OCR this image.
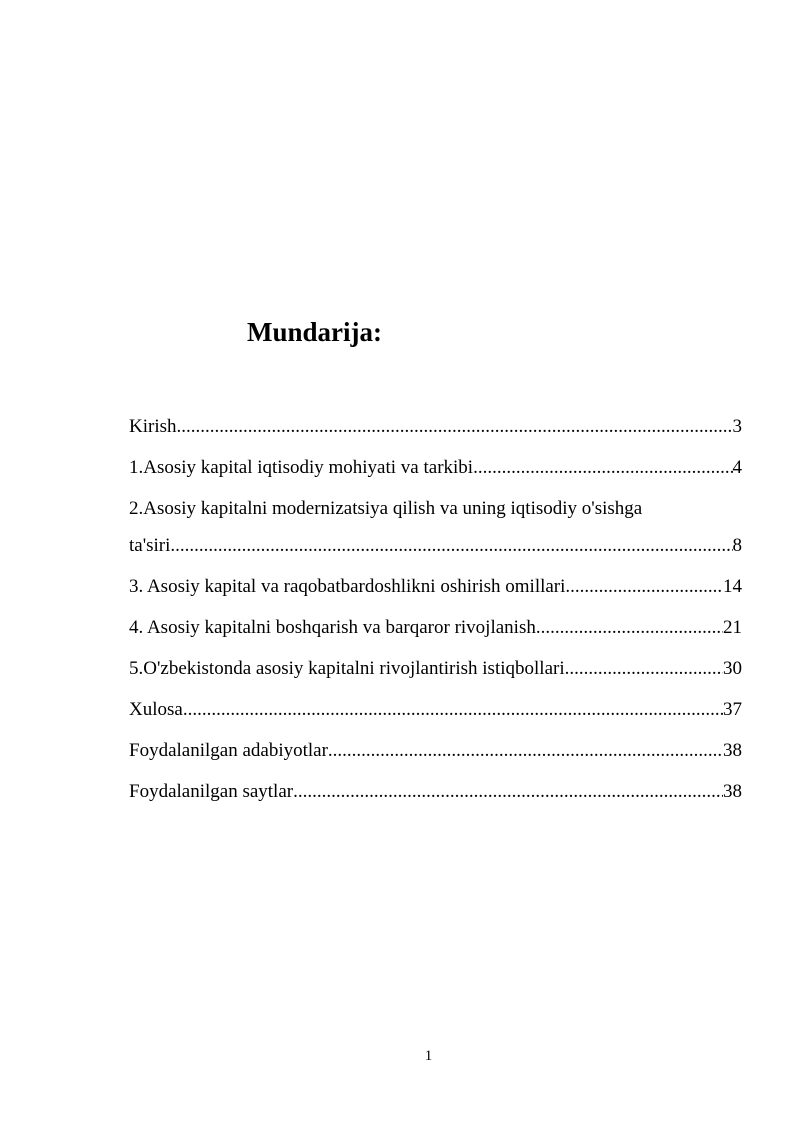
Mundarija:
Kirish .....	3
1.Asosiy kapital iqtisodiy mohiyati va tarkibi .....	4
2.Asosiy kapitalni modernizatsiya qilish va uning iqtisodiy o'sishga
ta'siri .....	8
3. Asosiy kapital va raqobatbardoshlikni oshirish omillari .....	14
4. Asosiy kapitalni boshqarish va barqaror rivojlanish .....	21
5.O'zbekistonda asosiy kapitalni rivojlantirish istiqbollari .....	30
Xulosa .....	37
Foydalanilgan adabiyotlar .....	38
Foydalanilgan saytlar .....	38
1
